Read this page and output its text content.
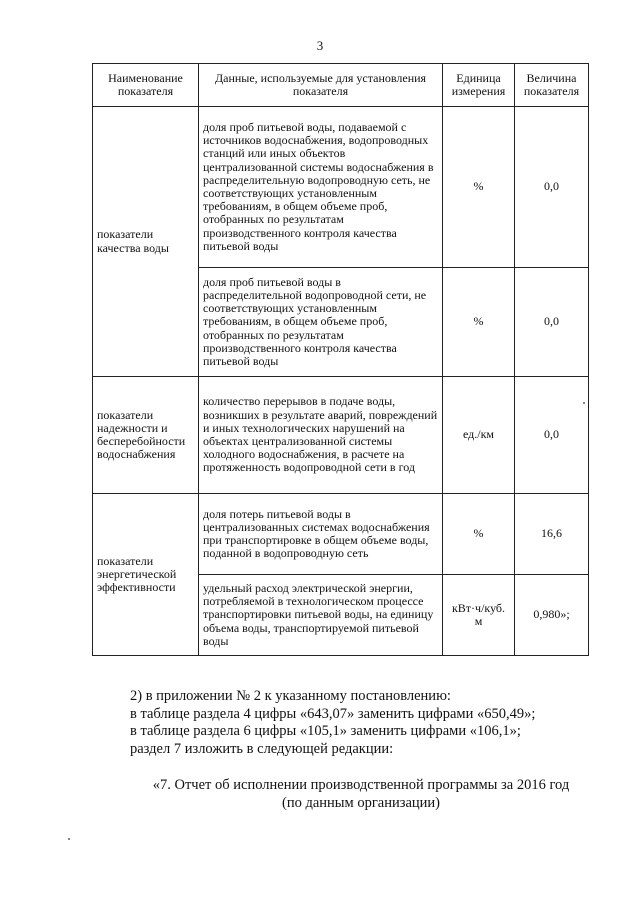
3
Наименование показателя	Данные, используемые для установления показателя	Единица измерения	Величина показателя
показатели качества воды	доля проб питьевой воды, подаваемой с источников водоснабжения, водопроводных станций или иных объектов централизованной системы водоснабжения в распределительную водопроводную сеть, не соответствующих установленным требованиям, в общем объеме проб, отобранных по результатам производственного контроля качества питьевой воды	%	0,0
	доля проб питьевой воды в распределительной водопроводной сети, не соответствующих установленным требованиям, в общем объеме проб, отобранных по результатам производственного контроля качества питьевой воды	%	0,0
показатели надежности и бесперебойности водоснабжения	количество перерывов в подаче воды, возникших в результате аварий, повреждений и иных технологических нарушений на объектах централизованной системы холодного водоснабжения, в расчете на протяженность водопроводной сети в год	ед./км	0,0
показатели энергетической эффективности	доля потерь питьевой воды в централизованных системах водоснабжения при транспортировке в общем объеме воды, поданной в водопроводную сеть	%	16,6
	удельный расход электрической энергии, потребляемой в технологическом процессе транспортировки питьевой воды, на единицу объема воды, транспортируемой питьевой воды	кВт·ч/куб. м	0,980»;

2) в приложении № 2 к указанному постановлению:

в таблице раздела 4 цифры «643,07» заменить цифрами «650,49»;

в таблице раздела 6 цифры «105,1» заменить цифрами «106,1»;

раздел 7 изложить в следующей редакции:

«7. Отчет об исполнении производственной программы за 2016 год

(по данным организации)
